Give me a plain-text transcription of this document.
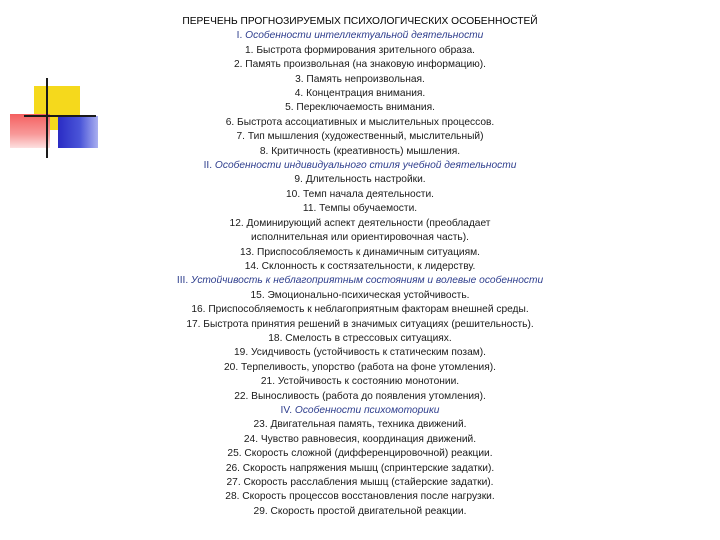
ПЕРЕЧЕНЬ ПРОГНОЗИРУЕМЫХ ПСИХОЛОГИЧЕСКИХ ОСОБЕННОСТЕЙ
I. Особенности интеллектуальной деятельности
1. Быстрота формирования зрительного образа.
2. Память произвольная (на знаковую информацию).
3. Память непроизвольная.
4. Концентрация внимания.
5. Переключаемость внимания.
6. Быстрота ассоциативных и мыслительных процессов.
7. Тип мышления (художественный, мыслительный)
8. Критичность (креативность) мышления.
II. Особенности индивидуального стиля учебной деятельности
9. Длительность настройки.
10. Темп начала деятельности.
11. Темпы обучаемости.
12. Доминирующий аспект деятельности (преобладает
исполнительная или ориентировочная часть).
13. Приспособляемость к динамичным ситуациям.
14. Склонность к состязательности, к лидерству.
III. Устойчивость к неблагоприятным состояниям и волевые особенности
15. Эмоционально-психическая устойчивость.
16. Приспособляемость к неблагоприятным факторам внешней среды.
17. Быстрота принятия решений в значимых ситуациях (решительность).
18. Смелость в стрессовых ситуациях.
19. Усидчивость (устойчивость к статическим позам).
20. Терпеливость, упорство (работа на фоне утомления).
21. Устойчивость к состоянию монотонии.
22. Выносливость (работа до появления утомления).
IV. Особенности психомоторики
23. Двигательная память, техника движений.
24. Чувство равновесия, координация движений.
25. Скорость сложной (дифференцировочной) реакции.
26. Скорость напряжения мышц (спринтерские задатки).
27. Скорость расслабления мышц (стайерские задатки).
28. Скорость процессов восстановления после нагрузки.
29. Скорость простой двигательной реакции.
